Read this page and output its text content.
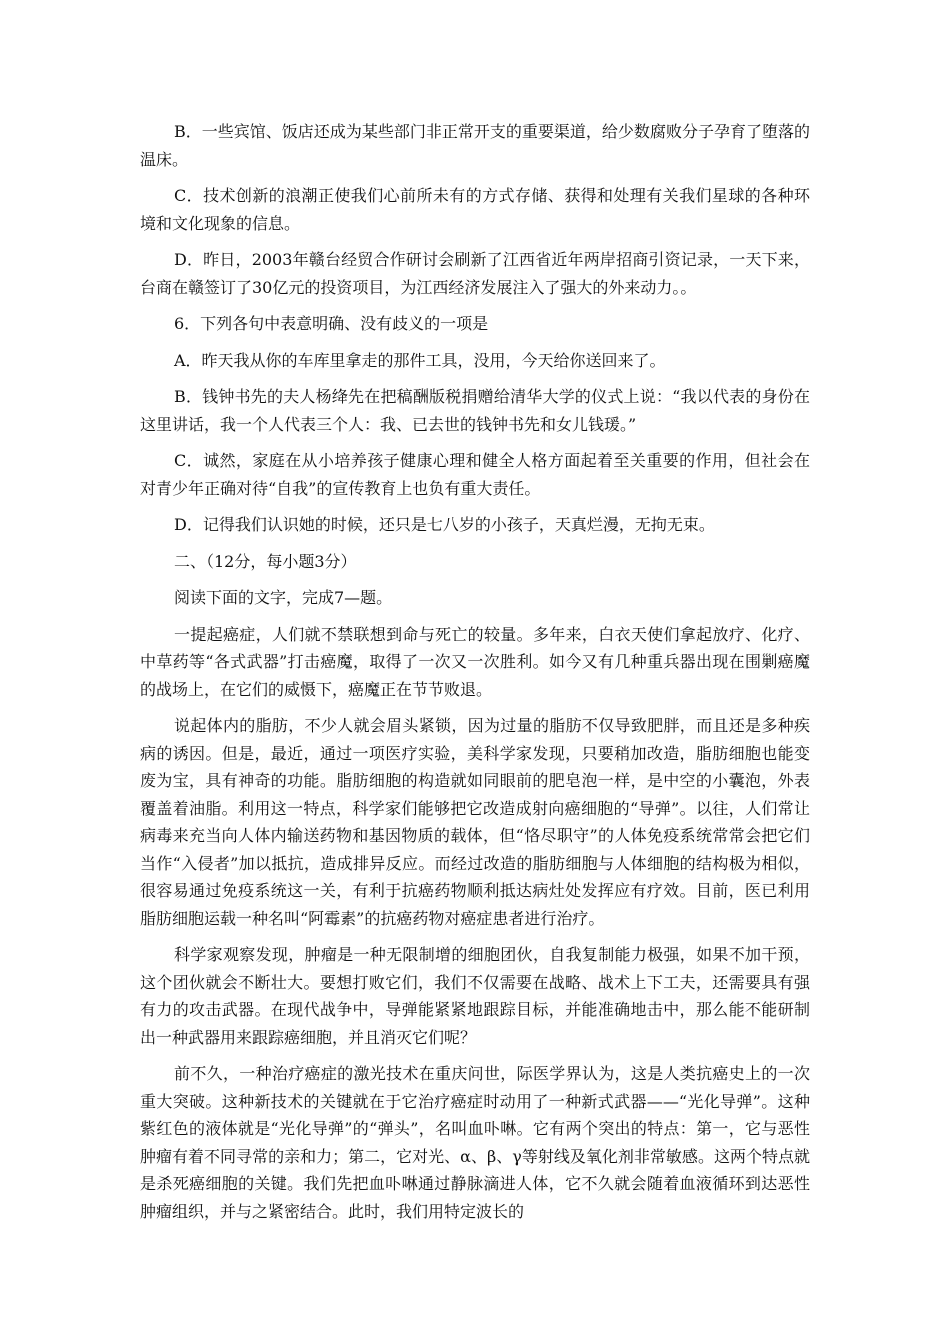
B．一些宾馆、饭店还成为某些部门非正常开支的重要渠道，给少数腐败分子孕育了堕落的温床。

C．技术创新的浪潮正使我们心前所未有的方式存储、获得和处理有关我们星球的各种环境和文化现象的信息。

D．昨日，2003年赣台经贸合作研讨会刷新了江西省近年两岸招商引资记录，一天下来，台商在赣签订了30亿元的投资项目，为江西经济发展注入了强大的外来动力。。

6．下列各句中表意明确、没有歧义的一项是

A．昨天我从你的车库里拿走的那件工具，没用，今天给你送回来了。

B．钱钟书先的夫人杨绛先在把稿酬版税捐赠给清华大学的仪式上说：“我以代表的身份在这里讲话，我一个人代表三个人：我、已去世的钱钟书先和女儿钱瑗。”

C．诚然，家庭在从小培养孩子健康心理和健全人格方面起着至关重要的作用，但社会在对青少年正确对待“自我”的宣传教育上也负有重大责任。

D．记得我们认识她的时候，还只是七八岁的小孩子，天真烂漫，无拘无束。

二、（12分，每小题3分）

阅读下面的文字，完成7—题。

一提起癌症，人们就不禁联想到命与死亡的较量。多年来，白衣天使们拿起放疗、化疗、中草药等“各式武器”打击癌魔，取得了一次又一次胜利。如今又有几种重兵器出现在围剿癌魔的战场上，在它们的威慑下，癌魔正在节节败退。

说起体内的脂肪，不少人就会眉头紧锁，因为过量的脂肪不仅导致肥胖，而且还是多种疾病的诱因。但是，最近，通过一项医疗实验，美科学家发现，只要稍加改造，脂肪细胞也能变废为宝，具有神奇的功能。脂肪细胞的构造就如同眼前的肥皂泡一样，是中空的小囊泡，外表覆盖着油脂。利用这一特点，科学家们能够把它改造成射向癌细胞的“导弹”。以往，人们常让病毒来充当向人体内输送药物和基因物质的载体，但“恪尽职守”的人体免疫系统常常会把它们当作“入侵者”加以抵抗，造成排异反应。而经过改造的脂肪细胞与人体细胞的结构极为相似，很容易通过免疫系统这一关，有利于抗癌药物顺利抵达病灶处发挥应有疗效。目前，医已利用脂肪细胞运载一种名叫“阿霉素”的抗癌药物对癌症患者进行治疗。

科学家观察发现，肿瘤是一种无限制增的细胞团伙，自我复制能力极强，如果不加干预，这个团伙就会不断壮大。要想打败它们，我们不仅需要在战略、战术上下工夫，还需要具有强有力的攻击武器。在现代战争中，导弹能紧紧地跟踪目标，并能准确地击中，那么能不能研制出一种武器用来跟踪癌细胞，并且消灭它们呢？

前不久，一种治疗癌症的激光技术在重庆问世，际医学界认为，这是人类抗癌史上的一次重大突破。这种新技术的关键就在于它治疗癌症时动用了一种新式武器——“光化导弹”。这种紫红色的液体就是“光化导弹”的“弹头”，名叫血卟啉。它有两个突出的特点：第一，它与恶性肿瘤有着不同寻常的亲和力；第二，它对光、α、β、γ等射线及氧化剂非常敏感。这两个特点就是杀死癌细胞的关键。我们先把血卟啉通过静脉滴进人体，它不久就会随着血液循环到达恶性肿瘤组织，并与之紧密结合。此时，我们用特定波长的
